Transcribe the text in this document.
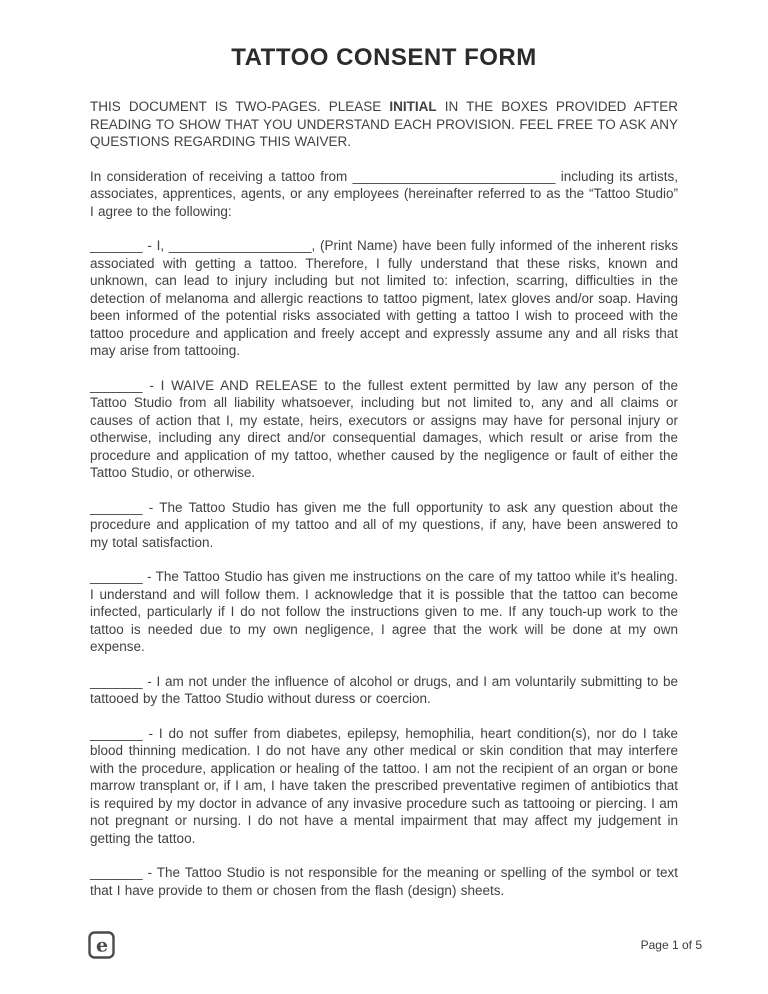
TATTOO CONSENT FORM

THIS DOCUMENT IS TWO-PAGES. PLEASE INITIAL IN THE BOXES PROVIDED AFTER READING TO SHOW THAT YOU UNDERSTAND EACH PROVISION. FEEL FREE TO ASK ANY QUESTIONS REGARDING THIS WAIVER.

In consideration of receiving a tattoo from ___________________________ including its artists, associates, apprentices, agents, or any employees (hereinafter referred to as the “Tattoo Studio” I agree to the following:

_______ - I, ___________________, (Print Name) have been fully informed of the inherent risks associated with getting a tattoo. Therefore, I fully understand that these risks, known and unknown, can lead to injury including but not limited to: infection, scarring, difficulties in the detection of melanoma and allergic reactions to tattoo pigment, latex gloves and/or soap. Having been informed of the potential risks associated with getting a tattoo I wish to proceed with the tattoo procedure and application and freely accept and expressly assume any and all risks that may arise from tattooing.

_______ - I WAIVE AND RELEASE to the fullest extent permitted by law any person of the Tattoo Studio from all liability whatsoever, including but not limited to, any and all claims or causes of action that I, my estate, heirs, executors or assigns may have for personal injury or otherwise, including any direct and/or consequential damages, which result or arise from the procedure and application of my tattoo, whether caused by the negligence or fault of either the Tattoo Studio, or otherwise.

_______ - The Tattoo Studio has given me the full opportunity to ask any question about the procedure and application of my tattoo and all of my questions, if any, have been answered to my total satisfaction.

_______ - The Tattoo Studio has given me instructions on the care of my tattoo while it's healing. I understand and will follow them. I acknowledge that it is possible that the tattoo can become infected, particularly if I do not follow the instructions given to me. If any touch-up work to the tattoo is needed due to my own negligence, I agree that the work will be done at my own expense.

_______ - I am not under the influence of alcohol or drugs, and I am voluntarily submitting to be tattooed by the Tattoo Studio without duress or coercion.

_______ - I do not suffer from diabetes, epilepsy, hemophilia, heart condition(s), nor do I take blood thinning medication. I do not have any other medical or skin condition that may interfere with the procedure, application or healing of the tattoo. I am not the recipient of an organ or bone marrow transplant or, if I am, I have taken the prescribed preventative regimen of antibiotics that is required by my doctor in advance of any invasive procedure such as tattooing or piercing. I am not pregnant or nursing. I do not have a mental impairment that may affect my judgement in getting the tattoo.

_______ - The Tattoo Studio is not responsible for the meaning or spelling of the symbol or text that I have provide to them or chosen from the flash (design) sheets.

e	Page 1 of 5
